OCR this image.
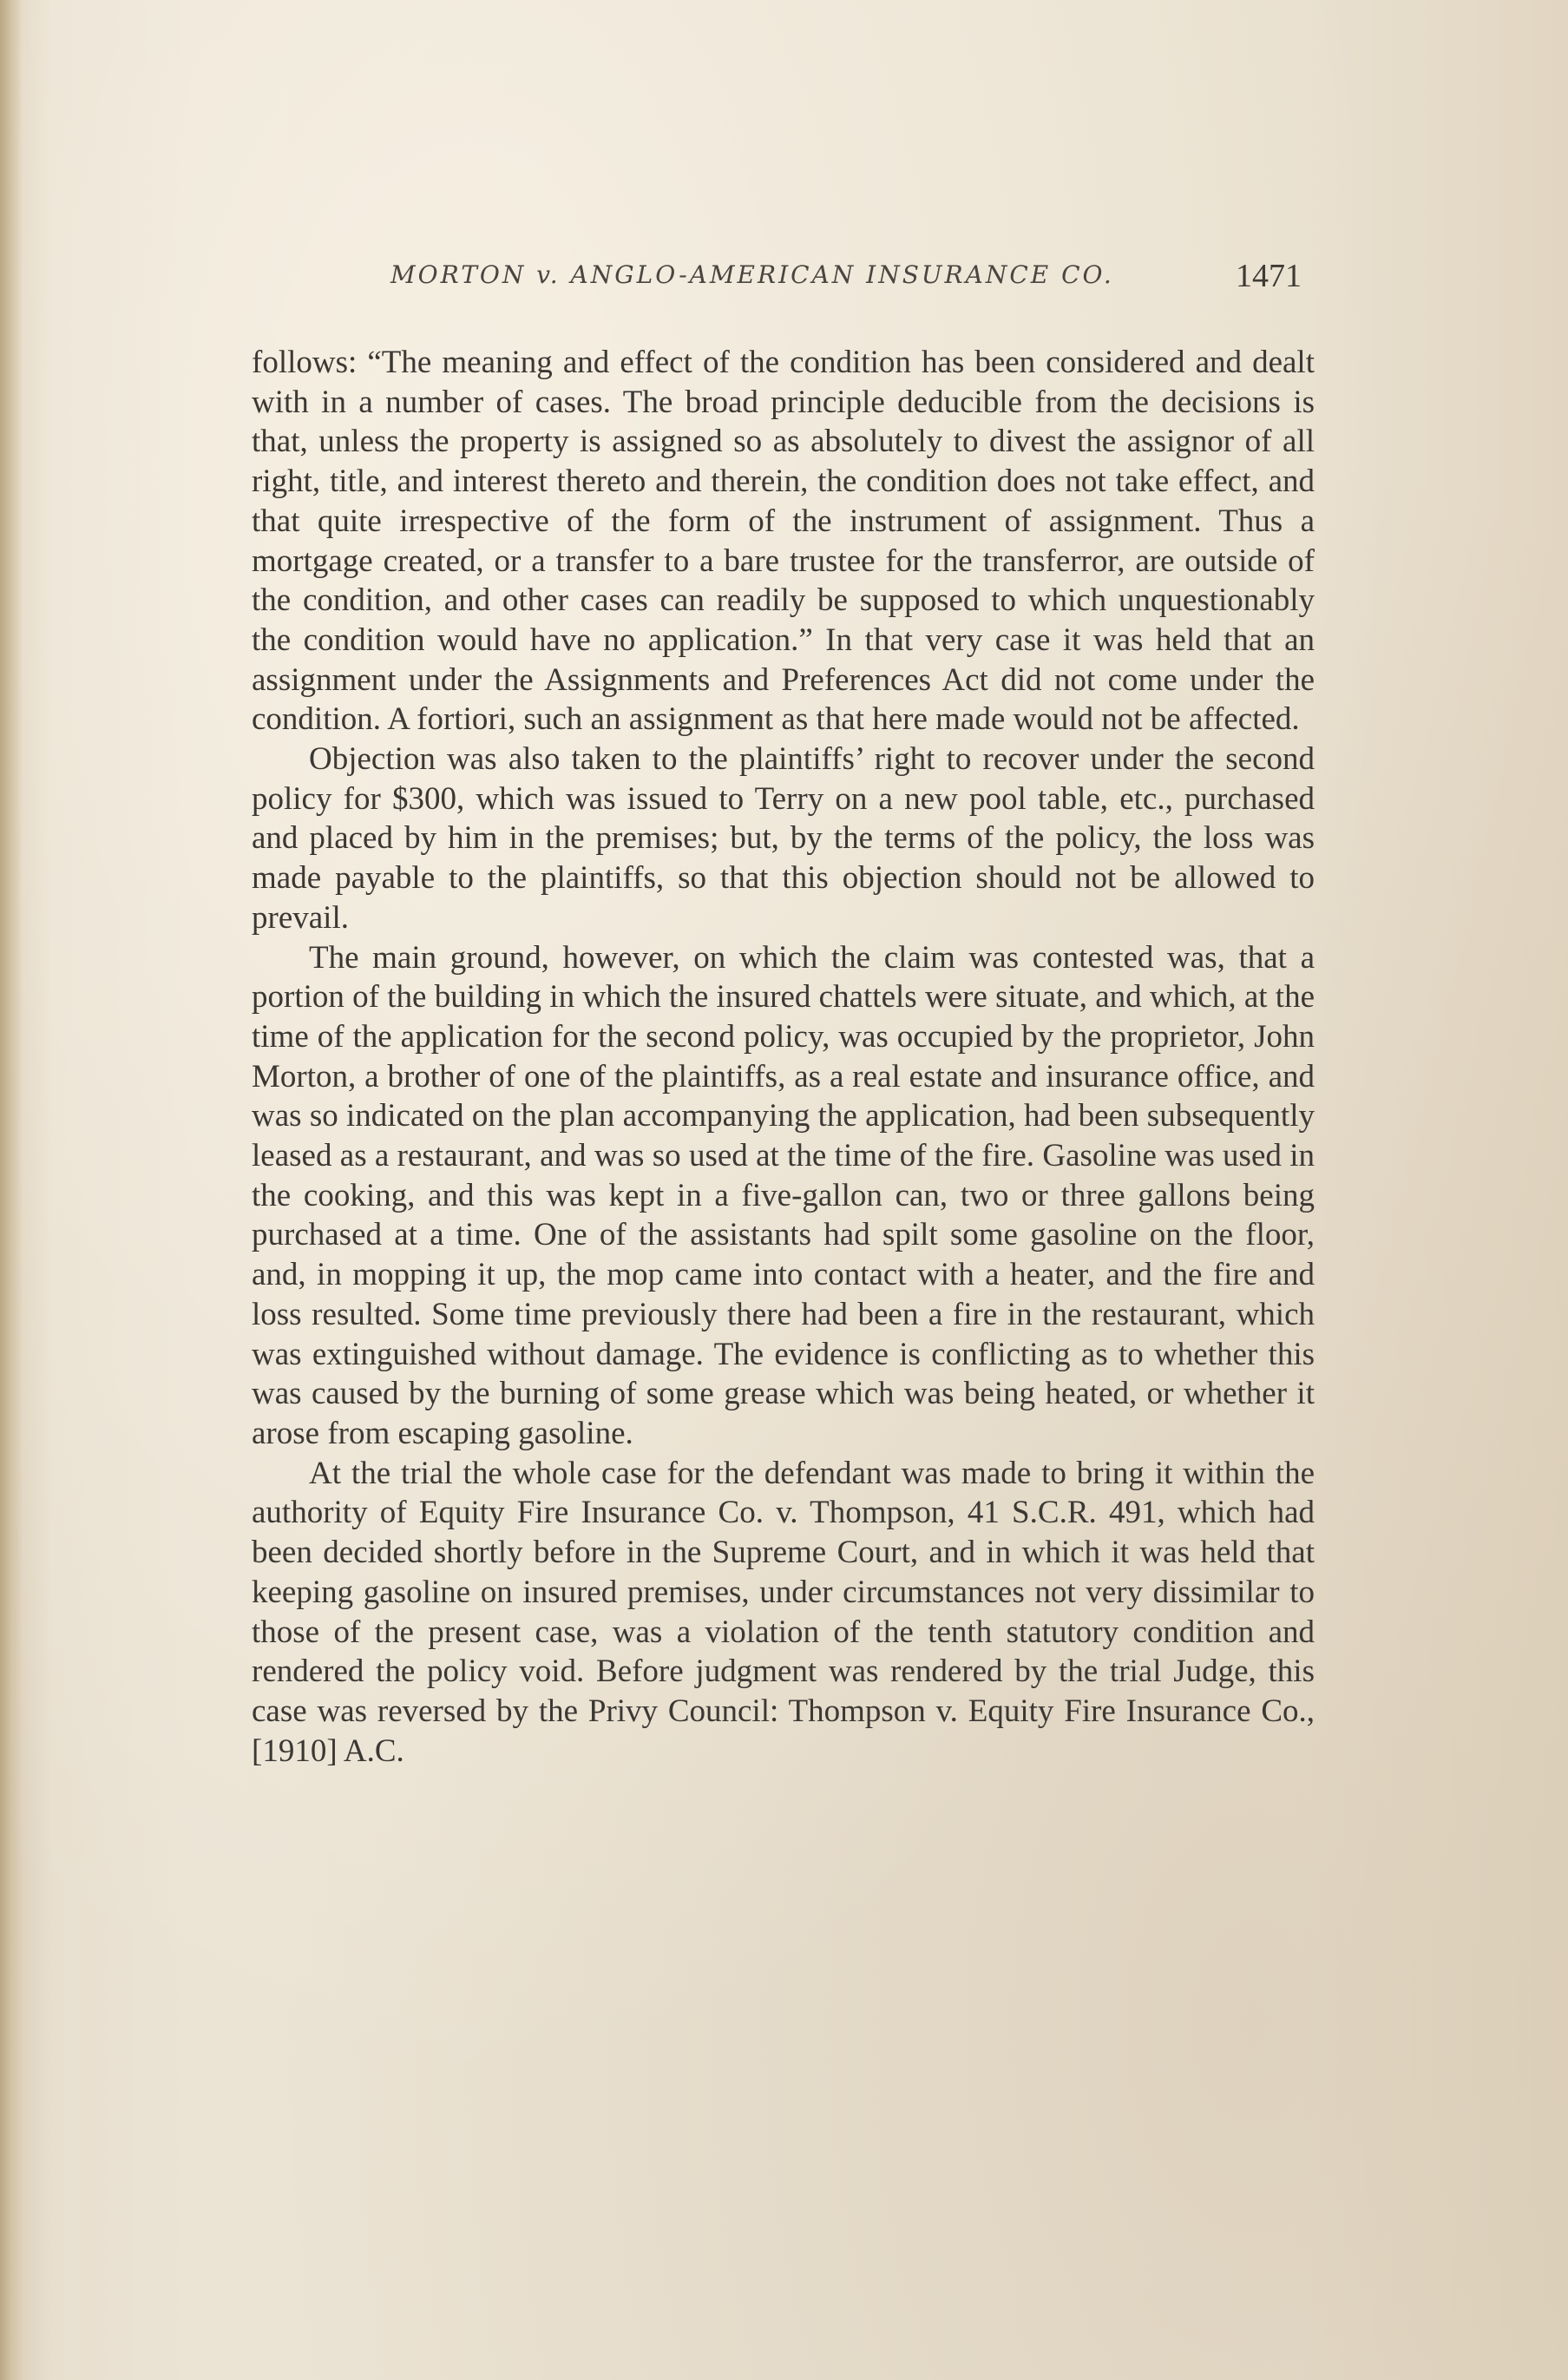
MORTON v. ANGLO-AMERICAN INSURANCE CO.	1471

follows: “The meaning and effect of the condition has been considered and dealt with in a number of cases. The broad principle deducible from the decisions is that, unless the property is assigned so as absolutely to divest the assignor of all right, title, and interest thereto and therein, the condition does not take effect, and that quite irrespective of the form of the instrument of assignment. Thus a mortgage created, or a transfer to a bare trustee for the transferror, are outside of the condition, and other cases can readily be supposed to which unquestionably the condition would have no application.” In that very case it was held that an assignment under the Assignments and Preferences Act did not come under the condition. A fortiori, such an assignment as that here made would not be affected.

Objection was also taken to the plaintiffs’ right to recover under the second policy for $300, which was issued to Terry on a new pool table, etc., purchased and placed by him in the premises; but, by the terms of the policy, the loss was made payable to the plaintiffs, so that this objection should not be allowed to prevail.

The main ground, however, on which the claim was contested was, that a portion of the building in which the insured chattels were situate, and which, at the time of the application for the second policy, was occupied by the proprietor, John Morton, a brother of one of the plaintiffs, as a real estate and insurance office, and was so indicated on the plan accompanying the application, had been subsequently leased as a restaurant, and was so used at the time of the fire. Gasoline was used in the cooking, and this was kept in a five-gallon can, two or three gallons being purchased at a time. One of the assistants had spilt some gasoline on the floor, and, in mopping it up, the mop came into contact with a heater, and the fire and loss resulted. Some time previously there had been a fire in the restaurant, which was extinguished without damage. The evidence is conflicting as to whether this was caused by the burning of some grease which was being heated, or whether it arose from escaping gasoline.

At the trial the whole case for the defendant was made to bring it within the authority of Equity Fire Insurance Co. v. Thompson, 41 S.C.R. 491, which had been decided shortly before in the Supreme Court, and in which it was held that keeping gasoline on insured premises, under circumstances not very dissimilar to those of the present case, was a violation of the tenth statutory condition and rendered the policy void. Before judgment was rendered by the trial Judge, this case was reversed by the Privy Council: Thompson v. Equity Fire Insurance Co., [1910] A.C.
